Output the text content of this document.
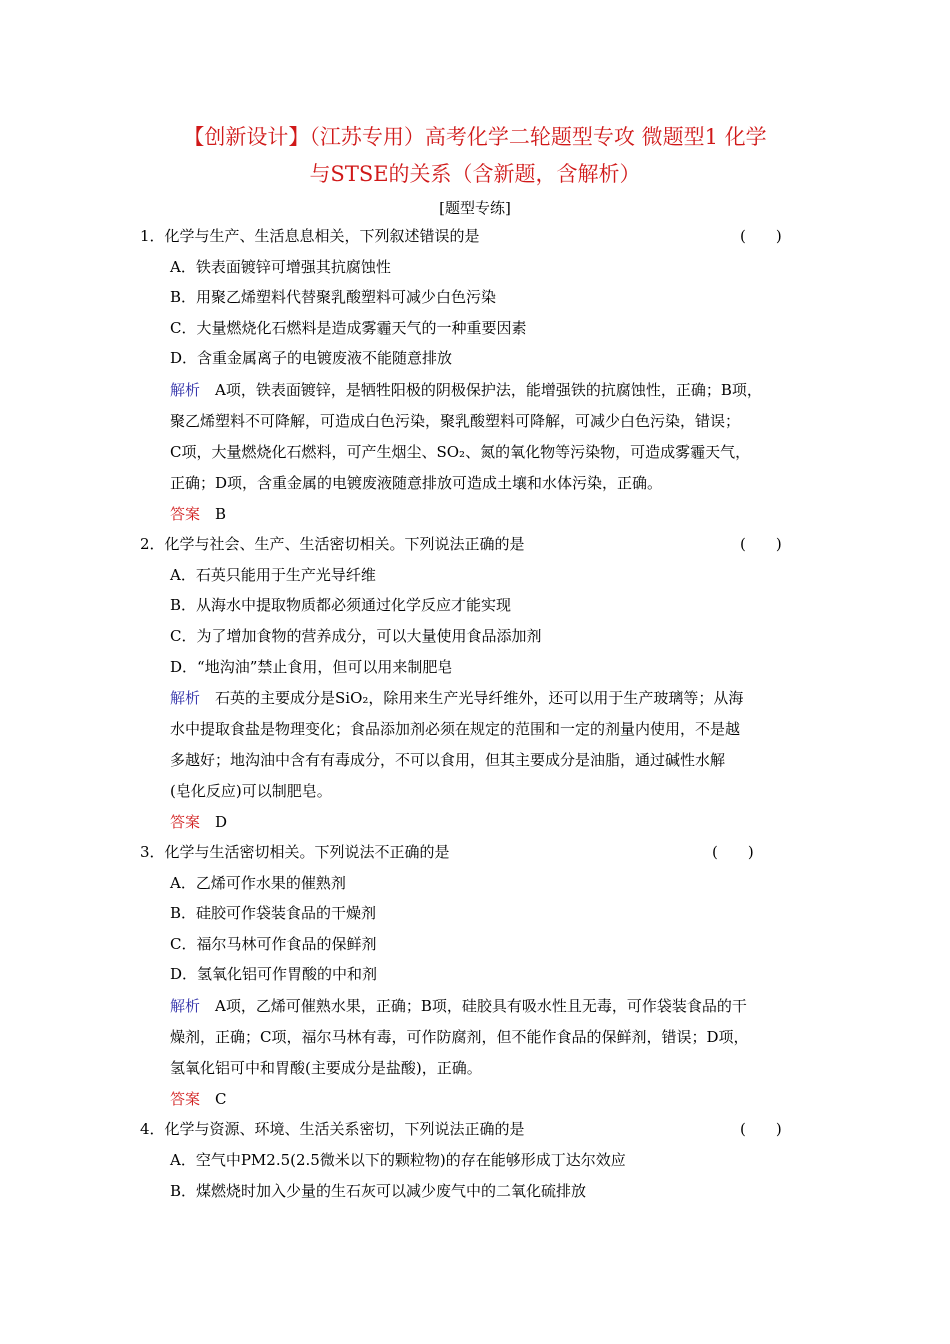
【创新设计】（江苏专用）高考化学二轮题型专攻 微题型1 化学
与STSE的关系（含新题，含解析）
[题型专练]
1．化学与生产、生活息息相关，下列叙述错误的是	(　　)
A．铁表面镀锌可增强其抗腐蚀性
B．用聚乙烯塑料代替聚乳酸塑料可减少白色污染
C．大量燃烧化石燃料是造成雾霾天气的一种重要因素
D．含重金属离子的电镀废液不能随意排放
解析　 A项，铁表面镀锌，是牺牲阳极的阴极保护法，能增强铁的抗腐蚀性，正确；B项，
聚乙烯塑料不可降解，可造成白色污染，聚乳酸塑料可降解，可减少白色污染，错误；
C项，大量燃烧化石燃料，可产生烟尘、SO₂、氮的氧化物等污染物，可造成雾霾天气，
正确；D项，含重金属的电镀废液随意排放可造成土壤和水体污染，正确。
答案　 B
2．化学与社会、生产、生活密切相关。下列说法正确的是	(　　)
A．石英只能用于生产光导纤维
B．从海水中提取物质都必须通过化学反应才能实现
C．为了增加食物的营养成分，可以大量使用食品添加剂
D．“地沟油”禁止食用，但可以用来制肥皂
解析　 石英的主要成分是SiO₂，除用来生产光导纤维外，还可以用于生产玻璃等；从海
水中提取食盐是物理变化；食品添加剂必须在规定的范围和一定的剂量内使用，不是越
多越好；地沟油中含有有毒成分，不可以食用，但其主要成分是油脂，通过碱性水解
(皂化反应)可以制肥皂。
答案　 D
3．化学与生活密切相关。下列说法不正确的是	(　　)
A．乙烯可作水果的催熟剂
B．硅胶可作袋装食品的干燥剂
C．福尔马林可作食品的保鲜剂
D．氢氧化铝可作胃酸的中和剂
解析　 A项，乙烯可催熟水果，正确；B项，硅胶具有吸水性且无毒，可作袋装食品的干
燥剂，正确；C项，福尔马林有毒，可作防腐剂，但不能作食品的保鲜剂，错误；D项，
氢氧化铝可中和胃酸(主要成分是盐酸)，正确。
答案　 C
4．化学与资源、环境、生活关系密切，下列说法正确的是	(　　)
A．空气中PM2.5(2.5微米以下的颗粒物)的存在能够形成丁达尔效应
B．煤燃烧时加入少量的生石灰可以减少废气中的二氧化硫排放
